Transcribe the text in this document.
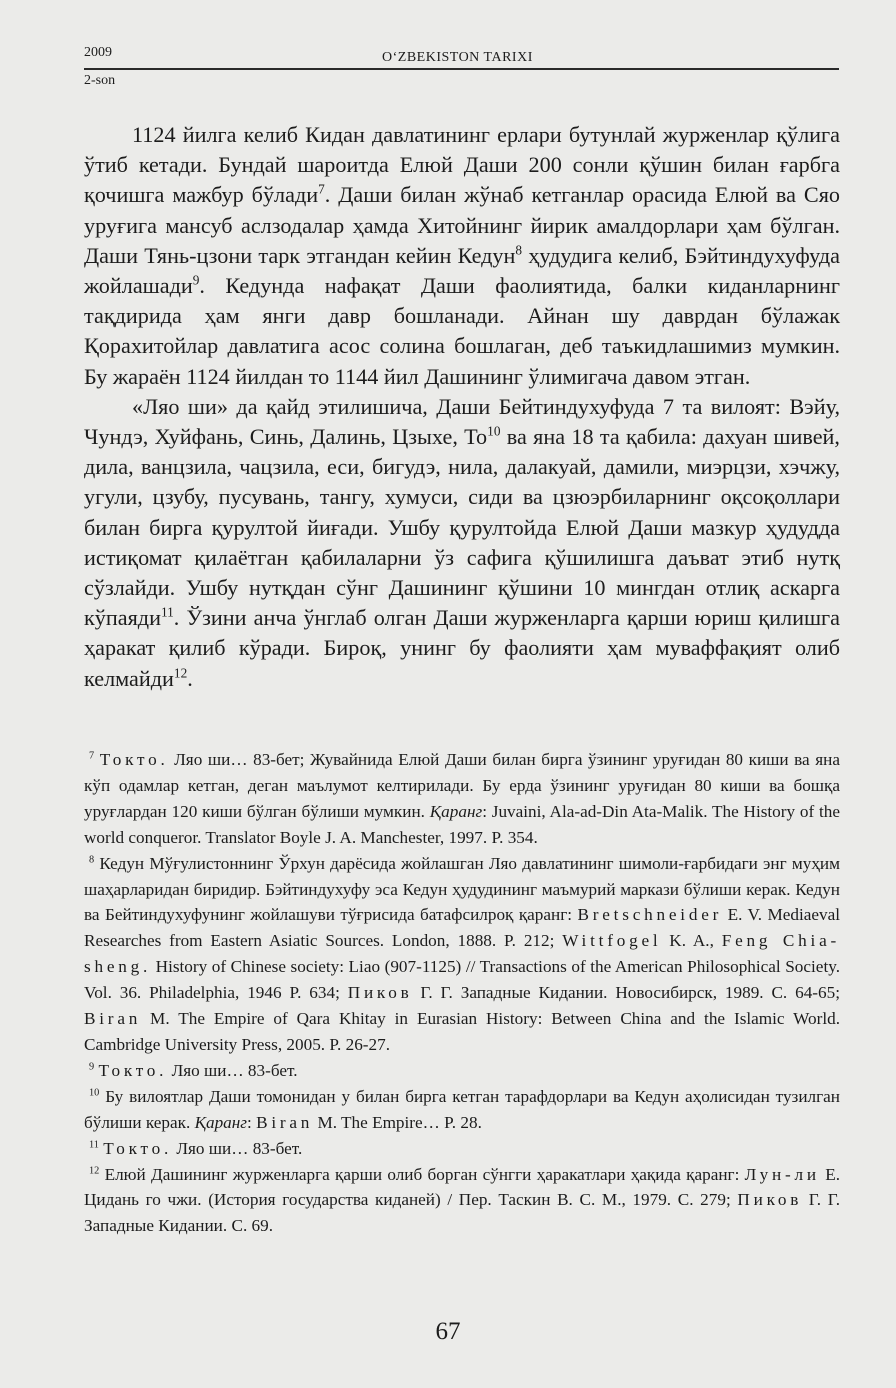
2009	O‘ZBEKISTON TARIXI
2-son

1124 йилга келиб Кидан давлатининг ерлари бутунлай журженлар қўлига ўтиб кетади. Бундай шароитда Елюй Даши 200 сонли қўшин билан ғарбга қочишга мажбур бўлади$^7$. Даши билан жўнаб кетганлар орасида Елюй ва Сяо уруғига мансуб аслзодалар ҳамда Хитойнинг йирик амалдорлари ҳам бўлган. Даши Тянь-цзони тарк этгандан кейин Кедун$^8$ ҳудудига келиб, Бэйтиндухуфуда жойлашади$^9$. Кедунда нафақат Даши фаолиятида, балки киданларнинг тақдирида ҳам янги давр бошланади. Айнан шу даврдан бўлажак Қорахитойлар давлатига асос солина бошлаган, деб таъкидлашимиз мумкин. Бу жараён 1124 йилдан то 1144 йил Дашининг ўлимигача давом этган.

«Ляо ши» да қайд этилишича, Даши Бейтиндухуфуда 7 та вилоят: Вэйу, Чундэ, Хуйфань, Синь, Далинь, Цзыхе, $То^{10}$ ва яна 18 та қабила: дахуан шивей, дила, ванцзила, чацзила, еси, бигудэ, нила, далакуай, дамили, миэрцзи, хэчжу, угули, цзубу, пусувань, тангу, хумуси, сиди ва цзюэрбиларнинг оқсоқоллари билан бирга қурултой йиғади. Ушбу қурултойда Елюй Даши мазкур ҳудудда истиқомат қилаётган қабилаларни ўз сафига қўшилишга даъват этиб нутқ сўзлайди. Ушбу нутқдан сўнг Дашининг қўшини 10 мингдан отлиқ аскарга кўпаяди$^{11}$. Ўзини анча ўнглаб олган Даши журженларга қарши юриш қилишга ҳаракат қилиб кўради. Бироқ, унинг бу фаолияти ҳам муваффақият олиб келмайди$^{12}$.

$^7$ Токто. Ляо ши… 83-бет; Жувайнида Елюй Даши билан бирга ўзининг уруғидан 80 киши ва яна кўп одамлар кетган, деган маълумот келтирилади. Бу ерда ўзининг уруғидан 80 киши ва бошқа уруғлардан 120 киши бўлган бўлиши мумкин. Қаранг: Juvaini, Ala-ad-Din Ata-Malik. The History of the world conqueror. Translator Boyle J. A. Manchester, 1997. P. 354.

$^8$ Кедун Мўғулистоннинг Ўрхун дарёсида жойлашган Ляо давлатининг шимоли-ғарбидаги энг муҳим шаҳарларидан биридир. Бэйтиндухуфу эса Кедун ҳудудининг маъмурий маркази бўлиши керак. Кедун ва Бейтиндухуфунинг жойлашуви тўғрисида батафсилроқ қаранг: Bretschneider E. V. Mediaeval Researches from Eastern Asiatic Sources. London, 1888. P. 212; Wittfogel K. A., Feng Chia-sheng. History of Chinese society: Liao (907-1125) // Transactions of the American Philosophical Society. Vol. 36. Philadelphia, 1946 P. 634; Пиков Г. Г. Западные Кидании. Новосибирск, 1989. С. 64-65; Biran M. The Empire of Qara Khitay in Eurasian History: Between China and the Islamic World. Cambridge University Press, 2005. P. 26-27.

$^9$ Токто. Ляо ши… 83-бет.

$^{10}$ Бу вилоятлар Даши томонидан у билан бирга кетган тарафдорлари ва Кедун аҳолисидан тузилган бўлиши керак. Қаранг: Biran M. The Empire… P. 28.

$^{11}$ Токто. Ляо ши… 83-бет.

$^{12}$ Елюй Дашининг журженларга қарши олиб борган сўнгги ҳаракатлари ҳақида қаранг: Лун-ли Е. Цидань го чжи. (История государства киданей) / Пер. Таскин В. С. М., 1979. С. 279; Пиков Г. Г. Западные Кидании. С. 69.

67
